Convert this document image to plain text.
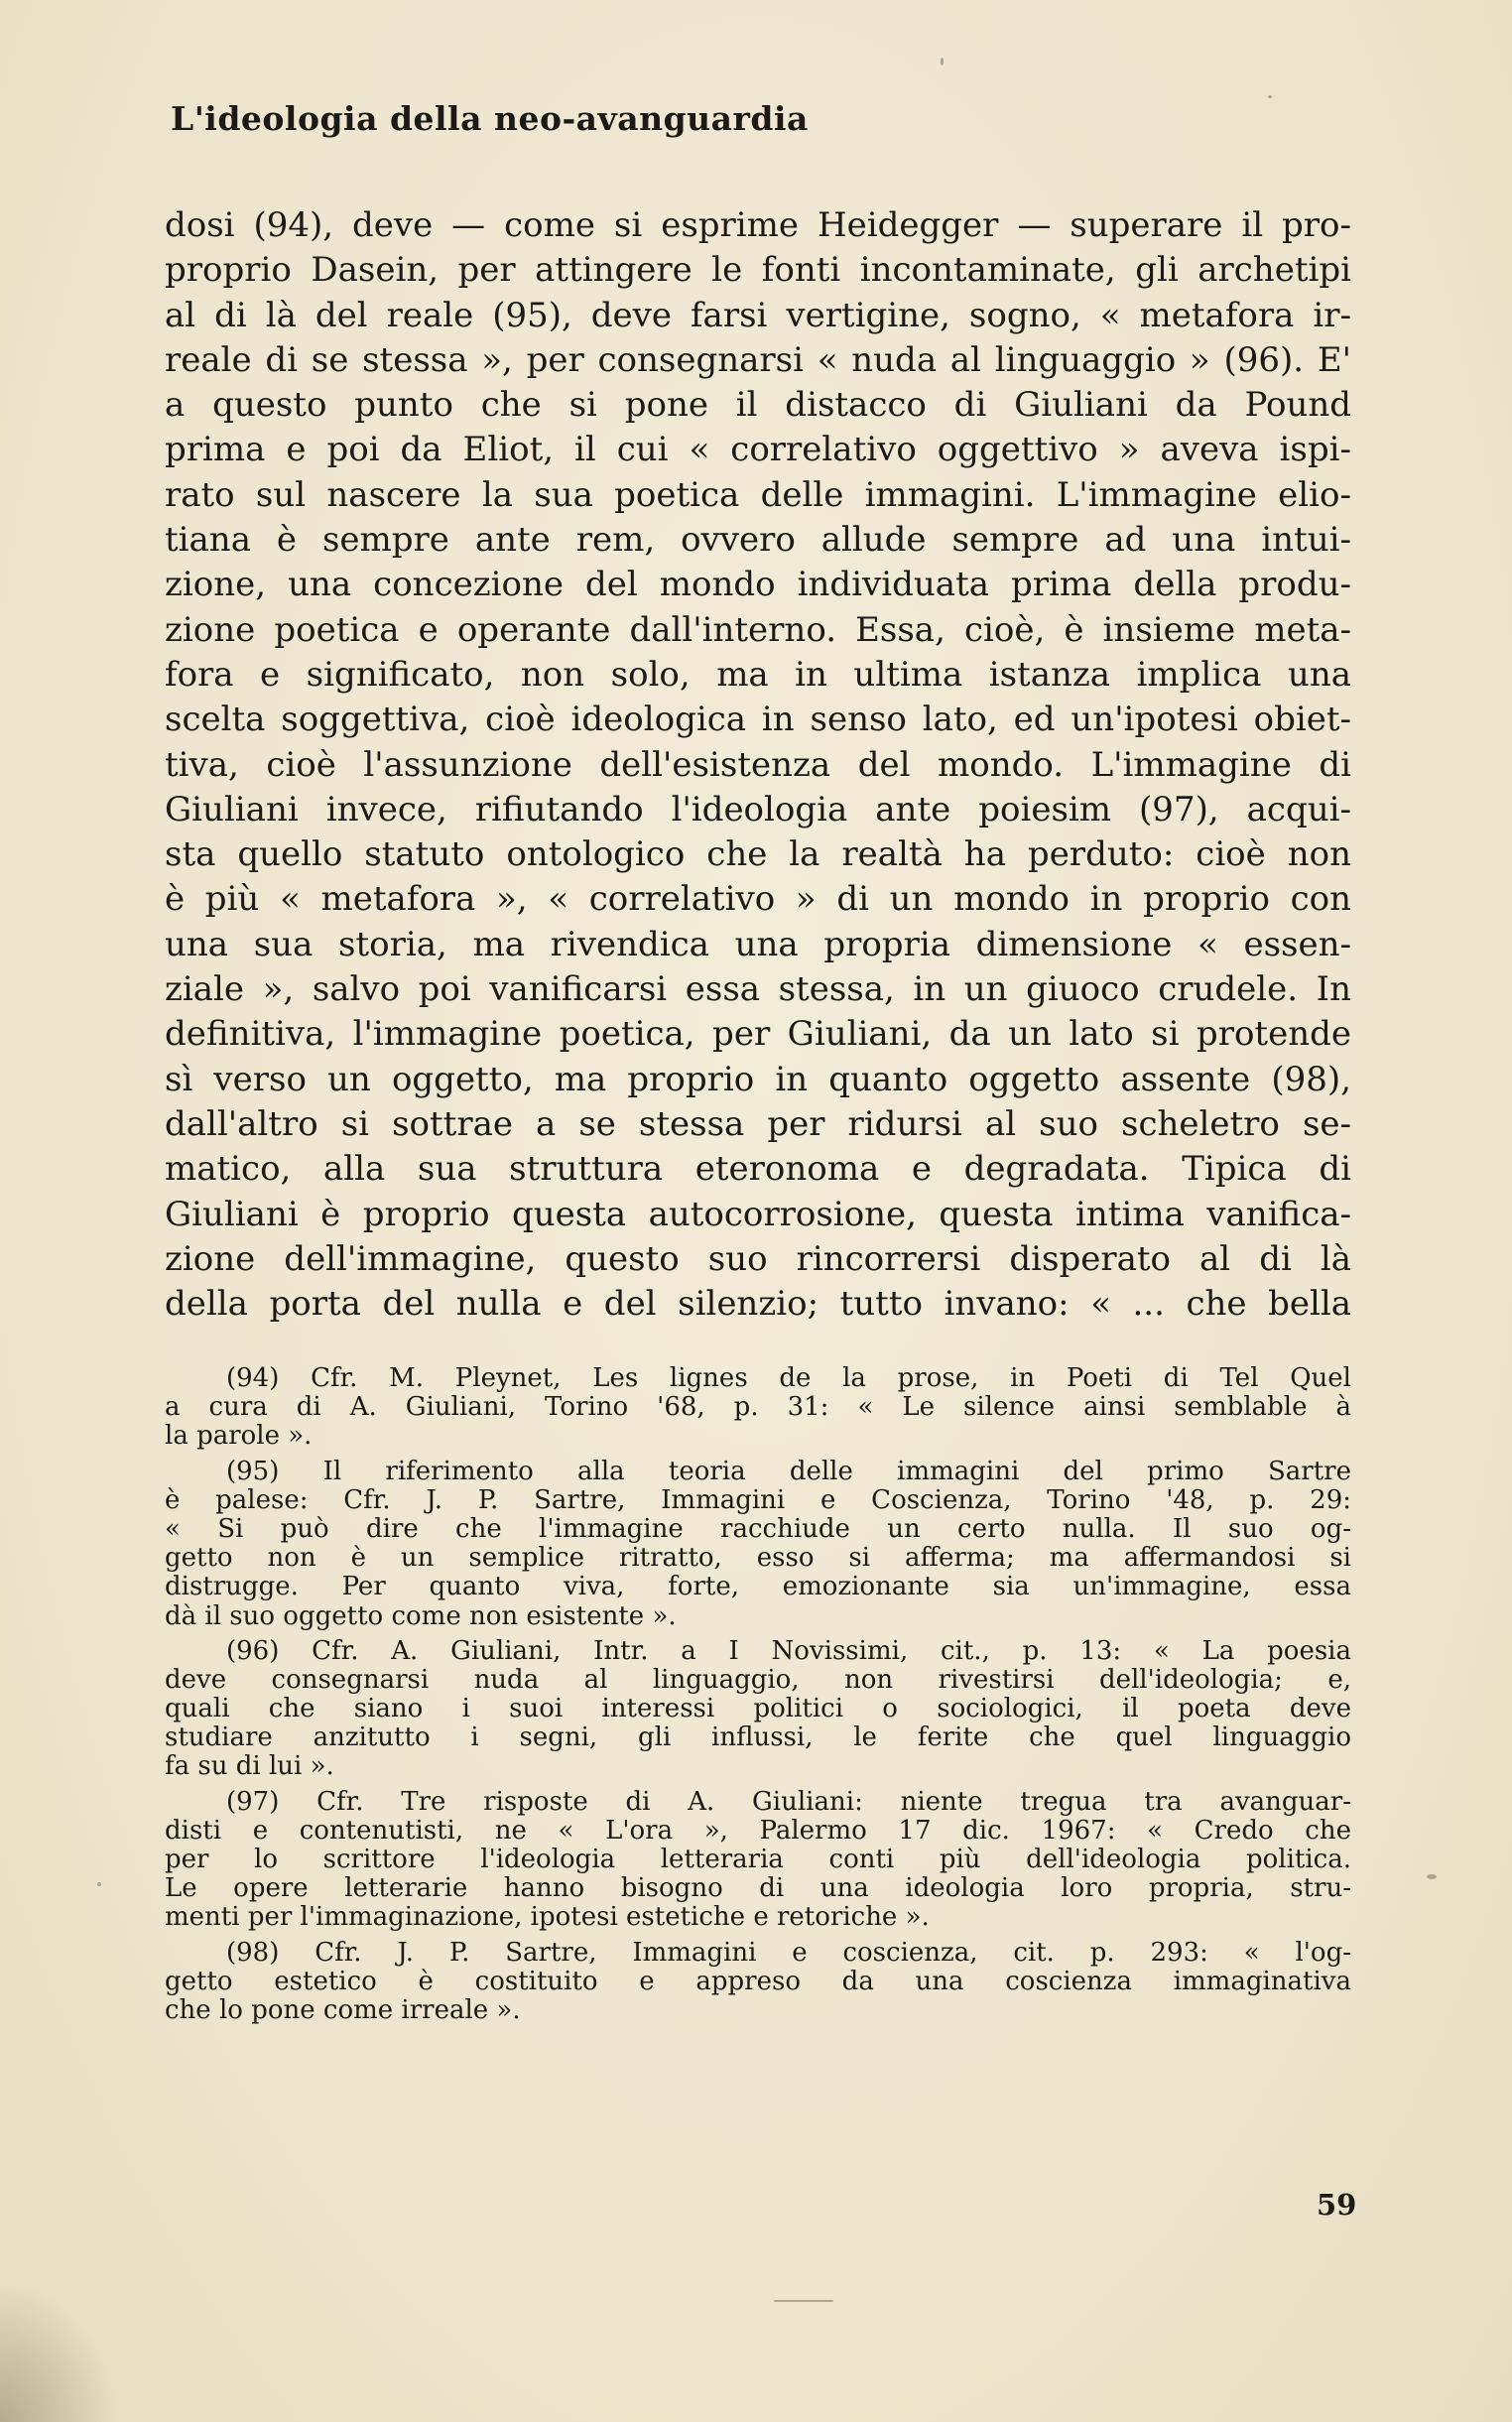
L'ideologia della neo-avanguardia
dosi (94), deve — come si esprime Heidegger — superare il pro-
proprio Dasein, per attingere le fonti incontaminate, gli archetipi
al di là del reale (95), deve farsi vertigine, sogno, « metafora ir-
reale di se stessa », per consegnarsi « nuda al linguaggio » (96). E'
a questo punto che si pone il distacco di Giuliani da Pound
prima e poi da Eliot, il cui « correlativo oggettivo » aveva ispi-
rato sul nascere la sua poetica delle immagini. L'immagine elio-
tiana è sempre ante rem, ovvero allude sempre ad una intui-
zione, una concezione del mondo individuata prima della produ-
zione poetica e operante dall'interno. Essa, cioè, è insieme meta-
fora e significato, non solo, ma in ultima istanza implica una
scelta soggettiva, cioè ideologica in senso lato, ed un'ipotesi obiet-
tiva, cioè l'assunzione dell'esistenza del mondo. L'immagine di
Giuliani invece, rifiutando l'ideologia ante poiesim (97), acqui-
sta quello statuto ontologico che la realtà ha perduto: cioè non
è più « metafora », « correlativo » di un mondo in proprio con
una sua storia, ma rivendica una propria dimensione « essen-
ziale », salvo poi vanificarsi essa stessa, in un giuoco crudele. In
definitiva, l'immagine poetica, per Giuliani, da un lato si protende
sì verso un oggetto, ma proprio in quanto oggetto assente (98),
dall'altro si sottrae a se stessa per ridursi al suo scheletro se-
matico, alla sua struttura eteronoma e degradata. Tipica di
Giuliani è proprio questa autocorrosione, questa intima vanifica-
zione dell'immagine, questo suo rincorrersi disperato al di là
della porta del nulla e del silenzio; tutto invano: « ... che bella
(94) Cfr. M. Pleynet, Les lignes de la prose, in Poeti di Tel Quel
a cura di A. Giuliani, Torino '68, p. 31: « Le silence ainsi semblable à
la parole ».
(95) Il riferimento alla teoria delle immagini del primo Sartre
è palese: Cfr. J. P. Sartre, Immagini e Coscienza, Torino '48, p. 29:
« Si può dire che l'immagine racchiude un certo nulla. Il suo og-
getto non è un semplice ritratto, esso si afferma; ma affermandosi si
distrugge. Per quanto viva, forte, emozionante sia un'immagine, essa
dà il suo oggetto come non esistente ».
(96) Cfr. A. Giuliani, Intr. a I Novissimi, cit., p. 13: « La poesia
deve consegnarsi nuda al linguaggio, non rivestirsi dell'ideologia; e,
quali che siano i suoi interessi politici o sociologici, il poeta deve
studiare anzitutto i segni, gli influssi, le ferite che quel linguaggio
fa su di lui ».
(97) Cfr. Tre risposte di A. Giuliani: niente tregua tra avanguar-
disti e contenutisti, ne « L'ora », Palermo 17 dic. 1967: « Credo che
per lo scrittore l'ideologia letteraria conti più dell'ideologia politica.
Le opere letterarie hanno bisogno di una ideologia loro propria, stru-
menti per l'immaginazione, ipotesi estetiche e retoriche ».
(98) Cfr. J. P. Sartre, Immagini e coscienza, cit. p. 293: « l'og-
getto estetico è costituito e appreso da una coscienza immaginativa
che lo pone come irreale ».
59
